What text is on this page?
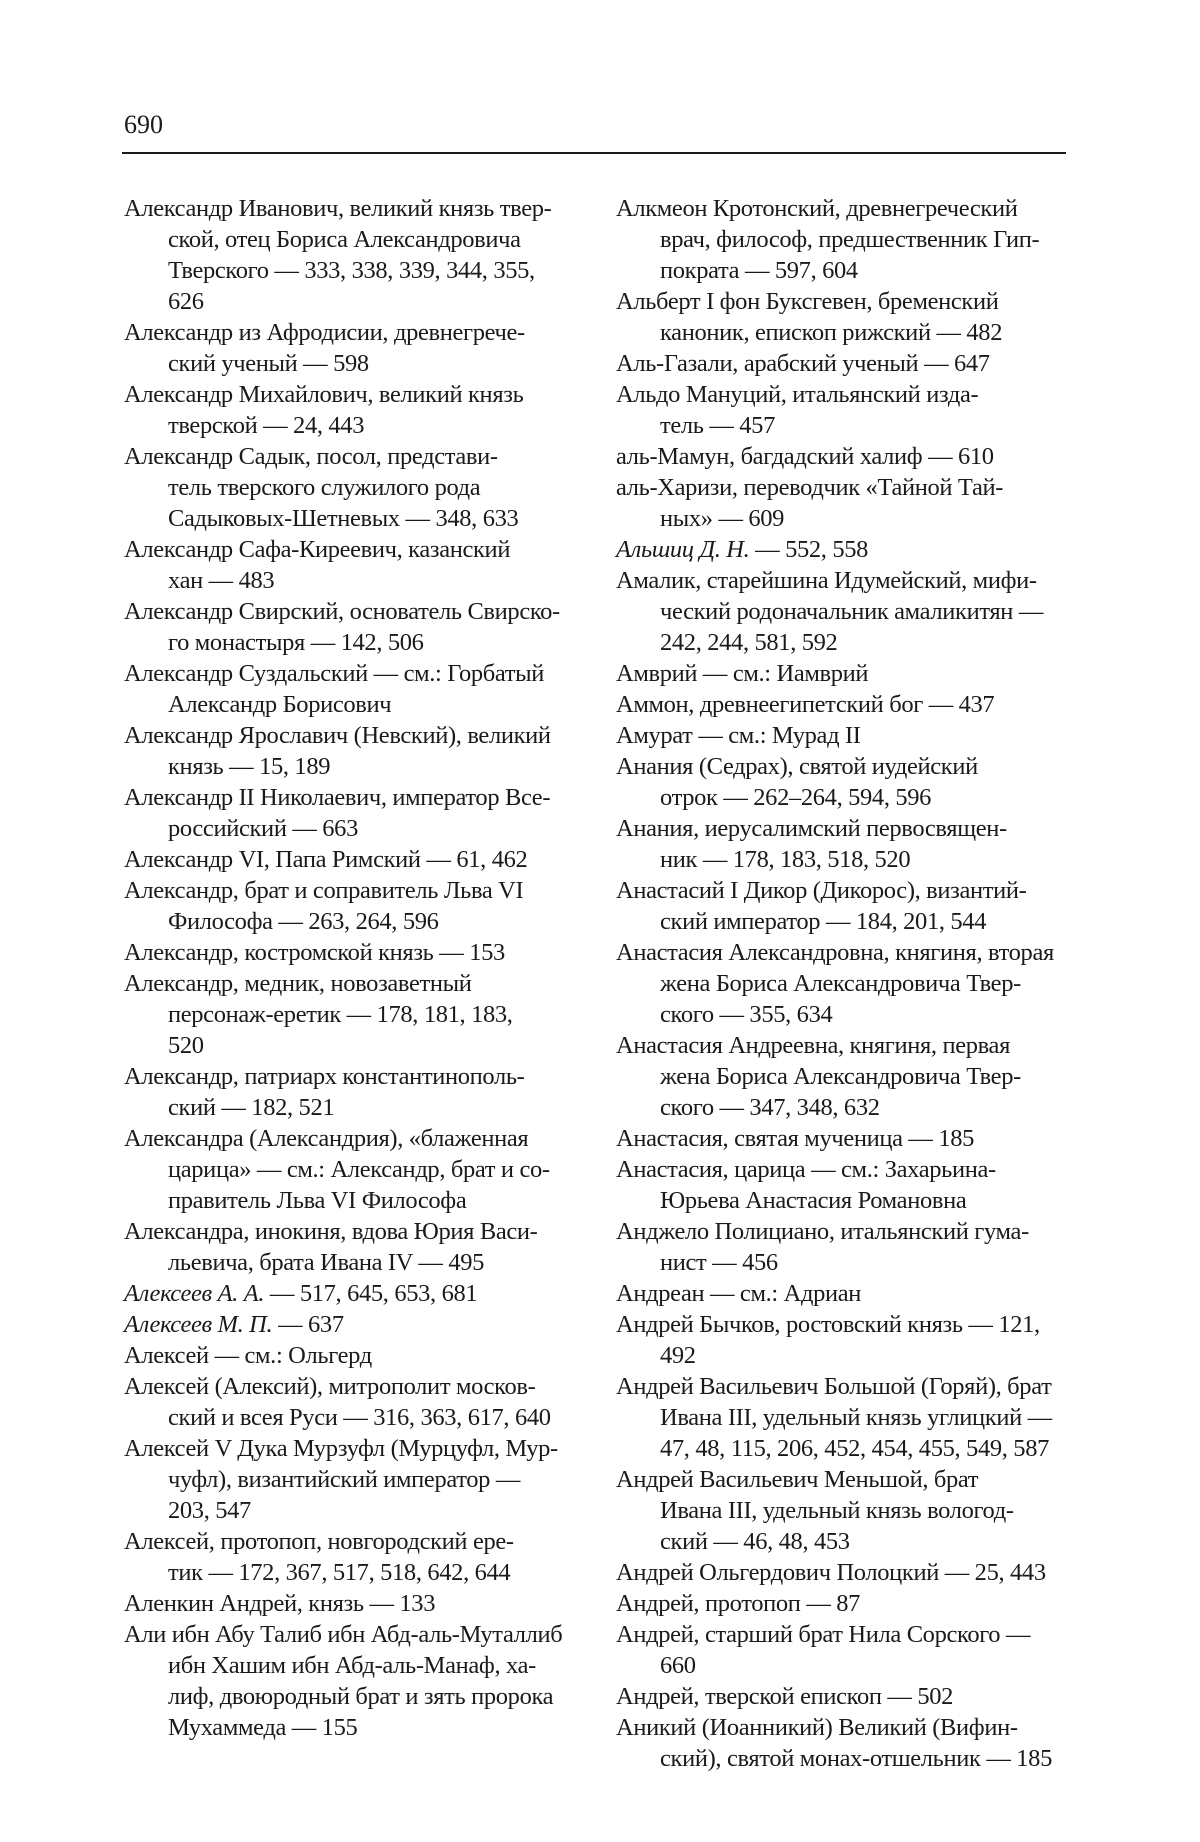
690
Александр Иванович, великий князь твер-
ской, отец Бориса Александровича
Тверского — 333, 338, 339, 344, 355,
626
Александр из Афродисии, древнегрече-
ский ученый — 598
Александр Михайлович, великий князь
тверской — 24, 443
Александр Садык, посол, представи-
тель тверского служилого рода
Садыковых-Шетневых — 348, 633
Александр Сафа-Киреевич, казанский
хан — 483
Александр Свирский, основатель Свирско-
го монастыря — 142, 506
Александр Суздальский — см.: Горбатый
Александр Борисович
Александр Ярославич (Невский), великий
князь — 15, 189
Александр II Николаевич, император Все-
российский — 663
Александр VI, Папа Римский — 61, 462
Александр, брат и соправитель Льва VI
Философа — 263, 264, 596
Александр, костромской князь — 153
Александр, медник, новозаветный
персонаж-еретик — 178, 181, 183,
520
Александр, патриарх константинополь-
ский — 182, 521
Александра (Александрия), «блаженная
царица» — см.: Александр, брат и со-
правитель Льва VI Философа
Александра, инокиня, вдова Юрия Васи-
льевича, брата Ивана IV — 495
Алексеев А. А. — 517, 645, 653, 681
Алексеев М. П. — 637
Алексей — см.: Ольгерд
Алексей (Алексий), митрополит москов-
ский и всея Руси — 316, 363, 617, 640
Алексей V Дука Мурзуфл (Мурцуфл, Мур-
чуфл), византийский император —
203, 547
Алексей, протопоп, новгородский ере-
тик — 172, 367, 517, 518, 642, 644
Аленкин Андрей, князь — 133
Али ибн Абу Талиб ибн Абд-аль-Муталлиб
ибн Хашим ибн Абд-аль-Манаф, ха-
лиф, двоюродный брат и зять пророка
Мухаммеда — 155
Алкмеон Кротонский, древнегреческий
врач, философ, предшественник Гип-
пократа — 597, 604
Альберт I фон Буксгевен, бременский
каноник, епископ рижский — 482
Аль-Газали, арабский ученый — 647
Альдо Мануций, итальянский изда-
тель — 457
аль-Мамун, багдадский халиф — 610
аль-Харизи, переводчик «Тайной Тай-
ных» — 609
Альшиц Д. Н. — 552, 558
Амалик, старейшина Идумейский, мифи-
ческий родоначальник амаликитян —
242, 244, 581, 592
Амврий — см.: Иамврий
Аммон, древнеегипетский бог — 437
Амурат — см.: Мурад II
Анания (Седрах), святой иудейский
отрок — 262–264, 594, 596
Анания, иерусалимский первосвящен-
ник — 178, 183, 518, 520
Анастасий I Дикор (Дикорос), византий-
ский император — 184, 201, 544
Анастасия Александровна, княгиня, вторая
жена Бориса Александровича Твер-
ского — 355, 634
Анастасия Андреевна, княгиня, первая
жена Бориса Александровича Твер-
ского — 347, 348, 632
Анастасия, святая мученица — 185
Анастасия, царица — см.: Захарьина-
Юрьева Анастасия Романовна
Анджело Полициано, итальянский гума-
нист — 456
Андреан — см.: Адриан
Андрей Бычков, ростовский князь — 121,
492
Андрей Васильевич Большой (Горяй), брат
Ивана III, удельный князь углицкий —
47, 48, 115, 206, 452, 454, 455, 549, 587
Андрей Васильевич Меньшой, брат
Ивана III, удельный князь вологод-
ский — 46, 48, 453
Андрей Ольгердович Полоцкий — 25, 443
Андрей, протопоп — 87
Андрей, старший брат Нила Сорского — 660
Андрей, тверской епископ — 502
Аникий (Иоанникий) Великий (Вифин-
ский), святой монах-отшельник — 185
